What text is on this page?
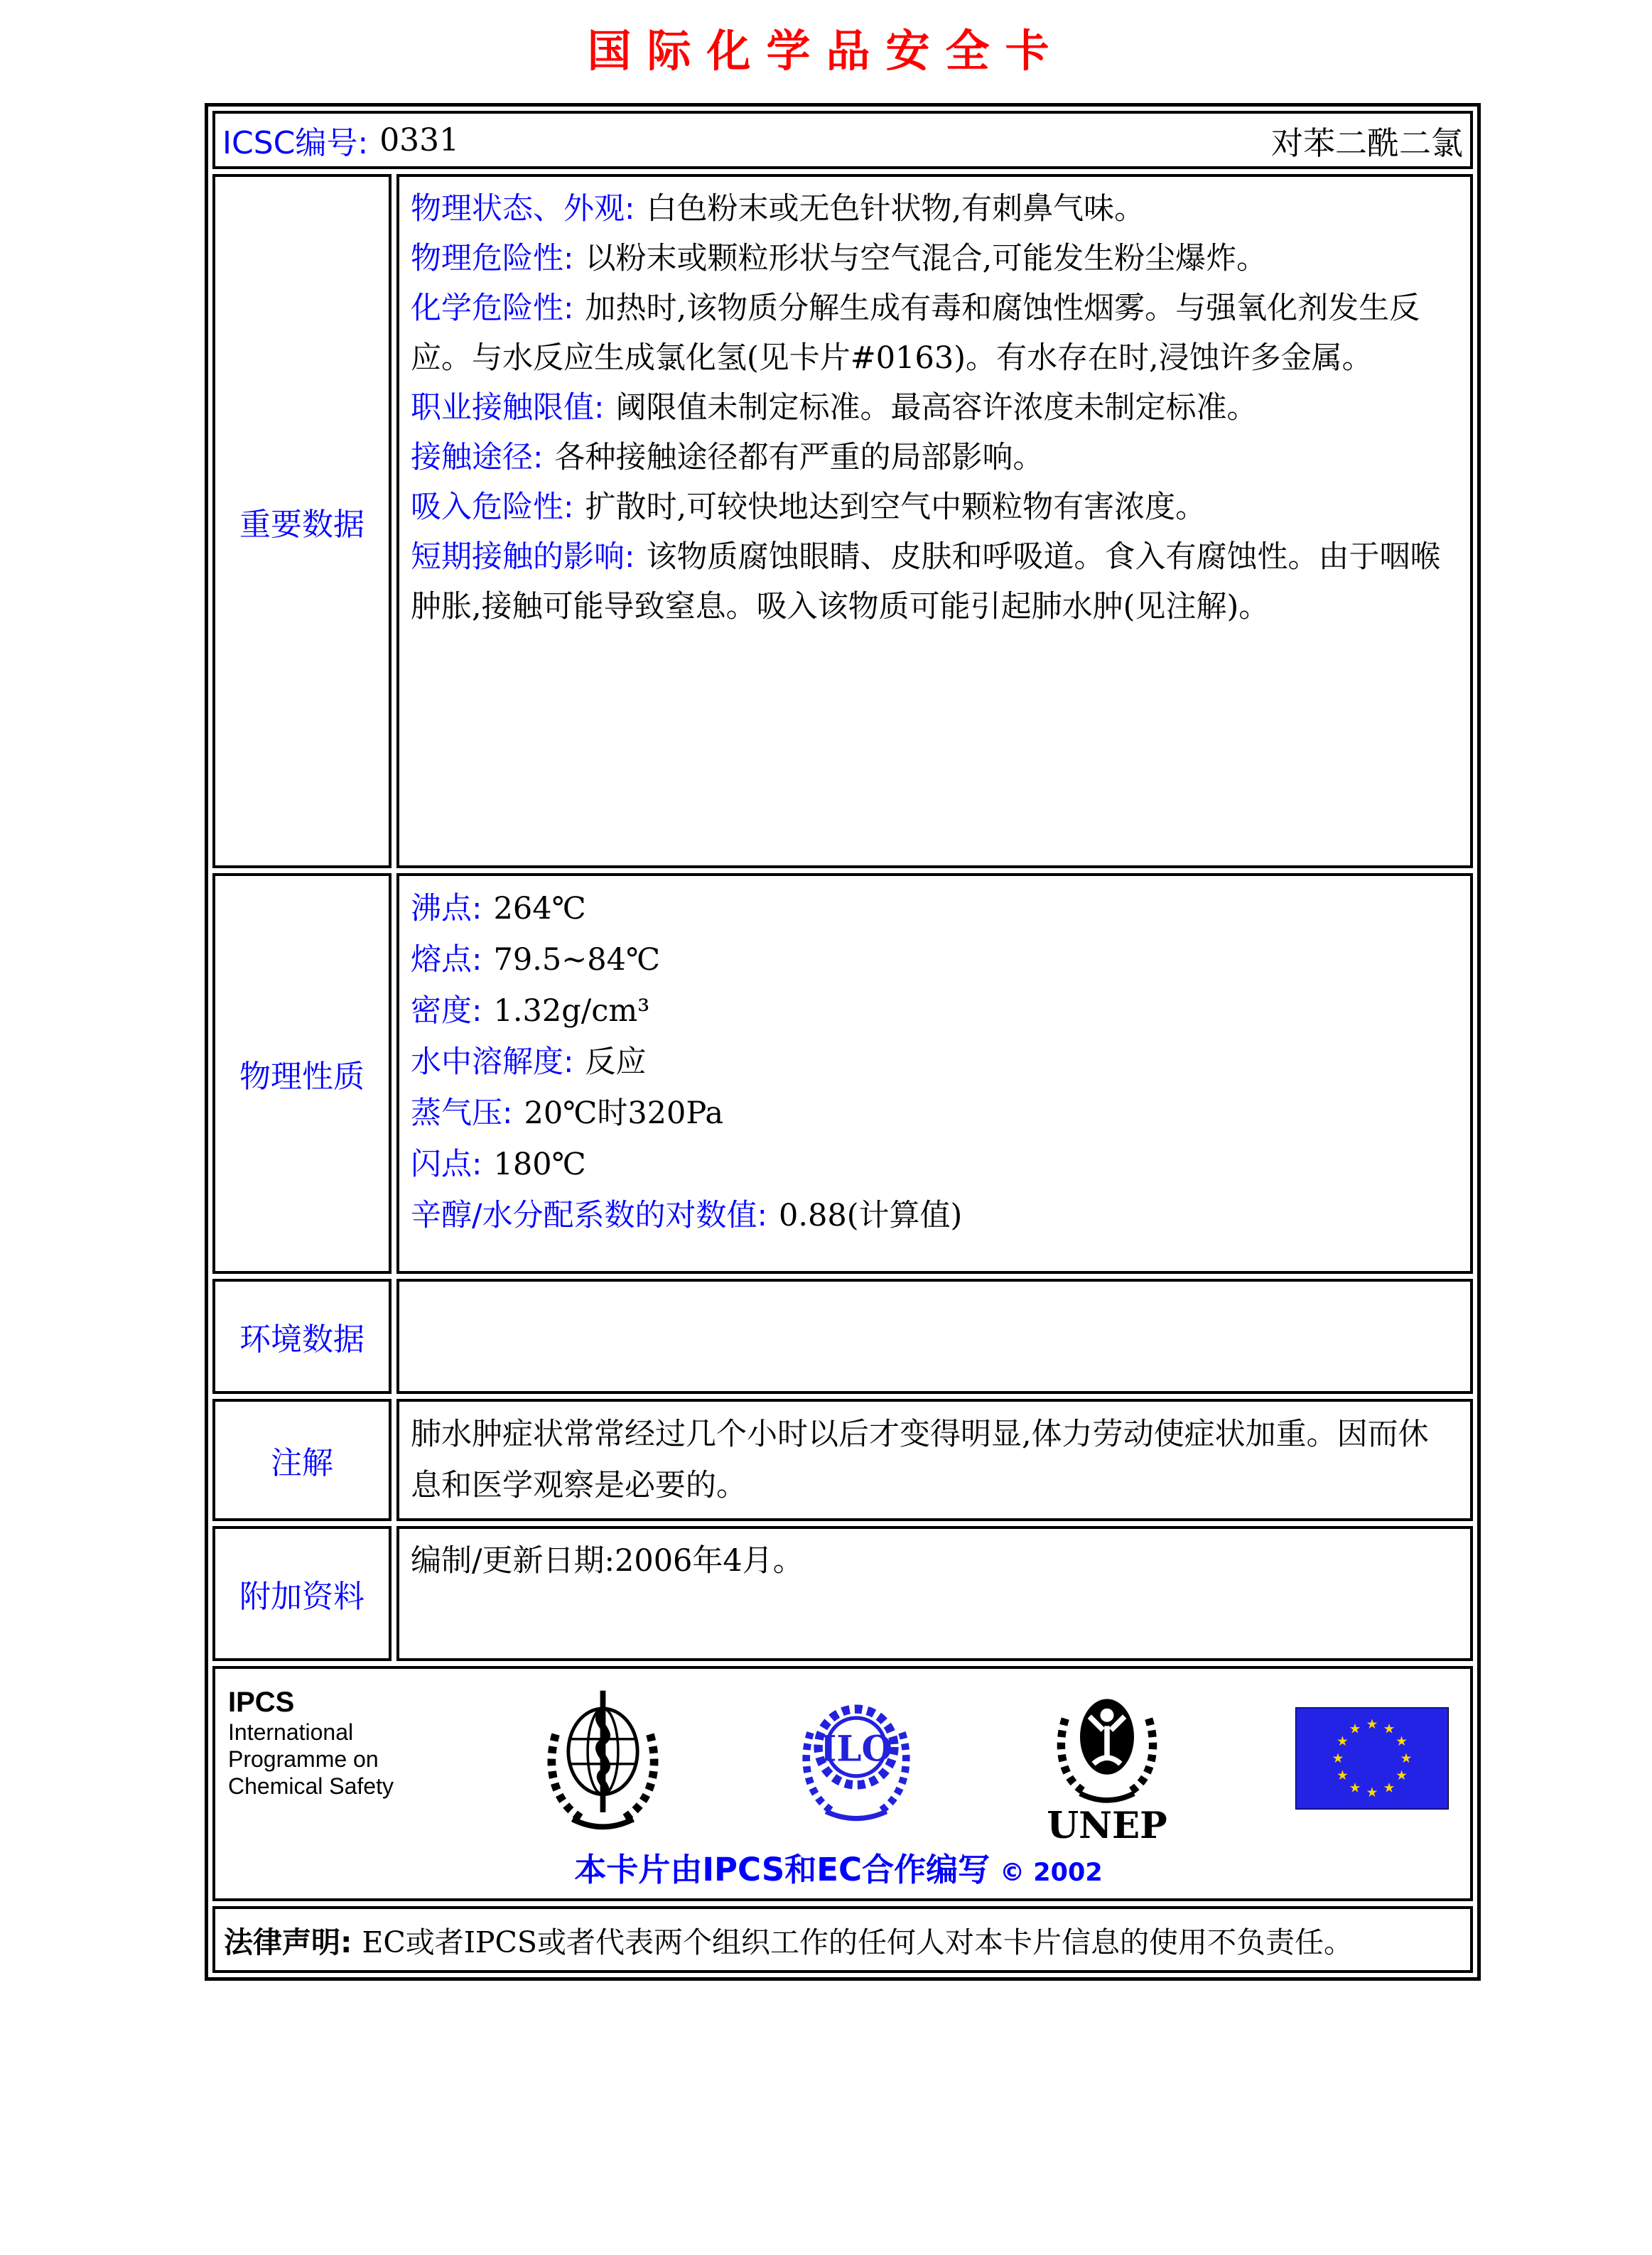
国际化学品安全卡
ICSC编号: 0331	对苯二酰二氯
重要数据
物理状态、外观: 白色粉末或无色针状物,有刺鼻气味。
物理危险性: 以粉末或颗粒形状与空气混合,可能发生粉尘爆炸。
化学危险性: 加热时,该物质分解生成有毒和腐蚀性烟雾。与强氧化剂发生反应。与水反应生成氯化氢(见卡片#0163)。有水存在时,浸蚀许多金属。
职业接触限值: 阈限值未制定标准。最高容许浓度未制定标准。
接触途径: 各种接触途径都有严重的局部影响。
吸入危险性: 扩散时,可较快地达到空气中颗粒物有害浓度。
短期接触的影响: 该物质腐蚀眼睛、皮肤和呼吸道。食入有腐蚀性。由于咽喉肿胀,接触可能导致窒息。吸入该物质可能引起肺水肿(见注解)。
物理性质
沸点: 264℃
熔点: 79.5~84℃
密度: 1.32g/cm³
水中溶解度: 反应
蒸气压: 20℃时320Pa
闪点: 180℃
辛醇/水分配系数的对数值: 0.88(计算值)
环境数据
注解
肺水肿症状常常经过几个小时以后才变得明显,体力劳动使症状加重。因而休息和医学观察是必要的。
附加资料
编制/更新日期:2006年4月。
IPCS
International
Programme on
Chemical Safety
ILO
UNEP
本卡片由IPCS和EC合作编写 © 2002
法律声明: EC或者IPCS或者代表两个组织工作的任何人对本卡片信息的使用不负责任。
